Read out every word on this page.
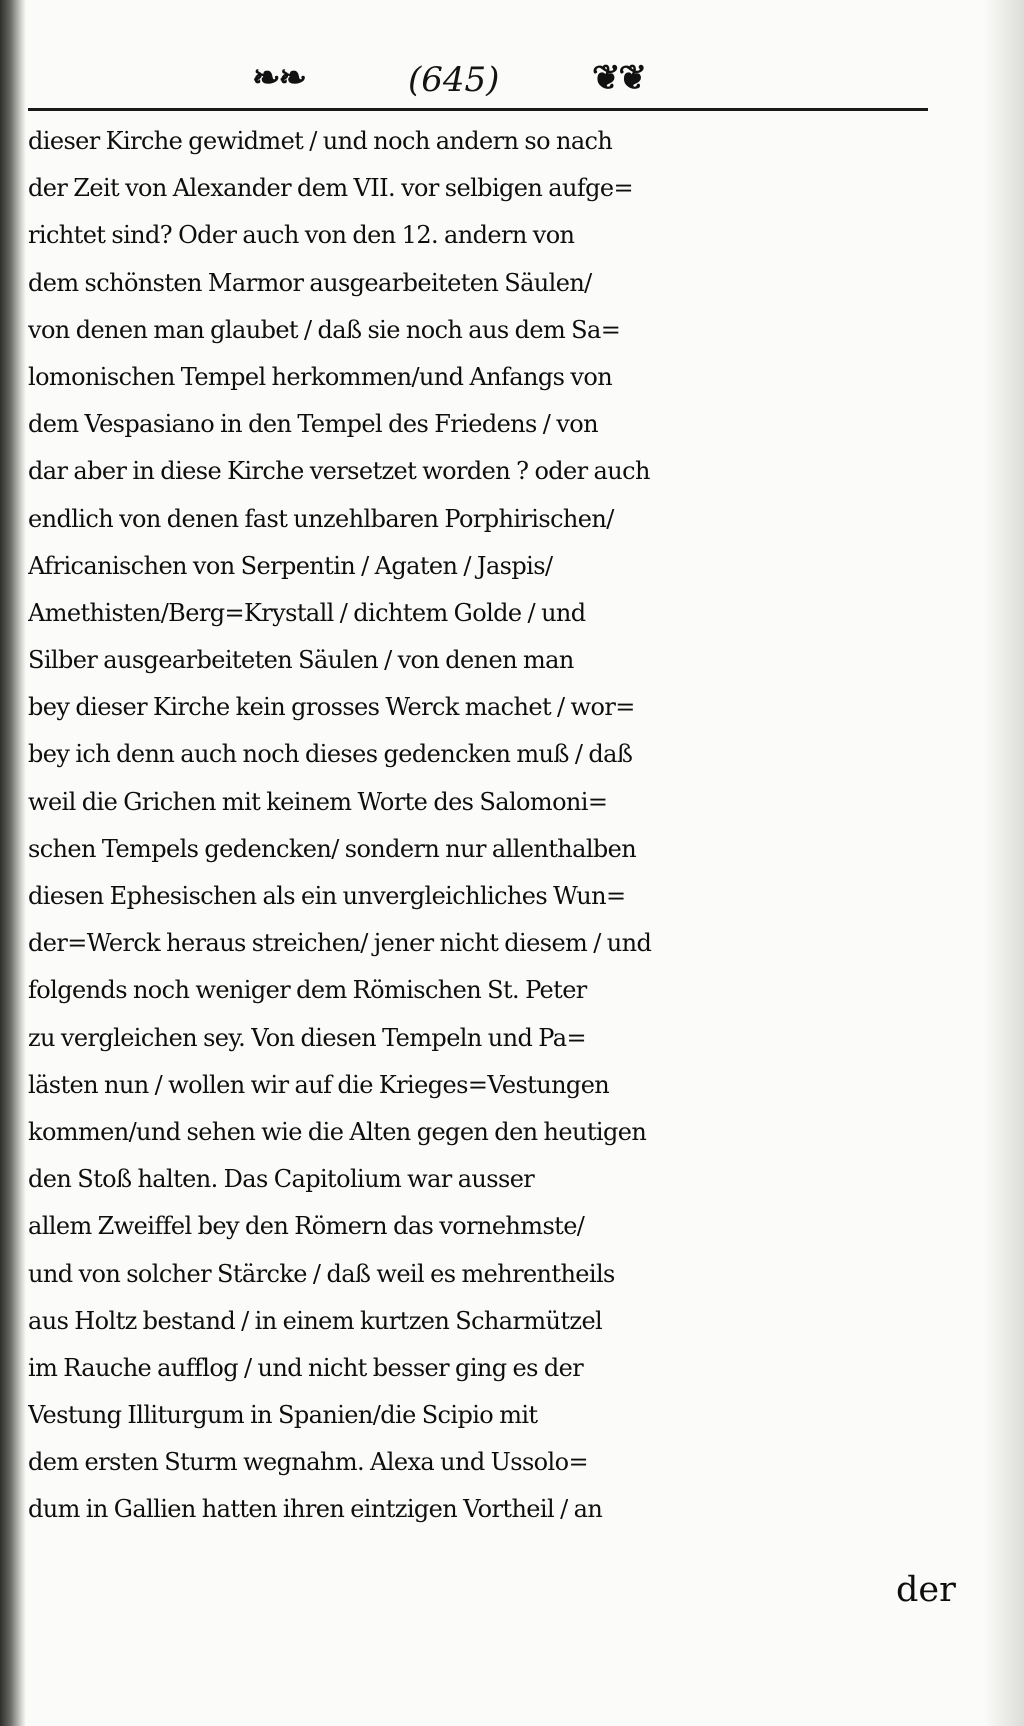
❧❧	(645)	❦❦
dieser Kirche gewidmet / und noch andern so nach
der Zeit von Alexander dem VII. vor selbigen aufge=
richtet sind? Oder auch von den 12. andern von
dem schönsten Marmor ausgearbeiteten Säulen/
von denen man glaubet / daß sie noch aus dem Sa=
lomonischen Tempel herkommen/und Anfangs von
dem Vespasiano in den Tempel des Friedens / von
dar aber in diese Kirche versetzet worden ? oder auch
endlich von denen fast unzehlbaren Porphirischen/
Africanischen von Serpentin / Agaten / Jaspis/
Amethisten/Berg=Krystall / dichtem Golde / und
Silber ausgearbeiteten Säulen / von denen man
bey dieser Kirche kein grosses Werck machet / wor=
bey ich denn auch noch dieses gedencken muß / daß
weil die Grichen mit keinem Worte des Salomoni=
schen Tempels gedencken/ sondern nur allenthalben
diesen Ephesischen als ein unvergleichliches Wun=
der=Werck heraus streichen/ jener nicht diesem / und
folgends noch weniger dem Römischen St. Peter
zu vergleichen sey. Von diesen Tempeln und Pa=
lästen nun / wollen wir auf die Krieges=Vestungen
kommen/und sehen wie die Alten gegen den heutigen
den Stoß halten. Das Capitolium war ausser
allem Zweiffel bey den Römern das vornehmste/
und von solcher Stärcke / daß weil es mehrentheils
aus Holtz bestand / in einem kurtzen Scharmützel
im Rauche aufflog / und nicht besser ging es der
Vestung Illiturgum in Spanien/die Scipio mit
dem ersten Sturm wegnahm. Alexa und Ussolo=
dum in Gallien hatten ihren eintzigen Vortheil / an
der
